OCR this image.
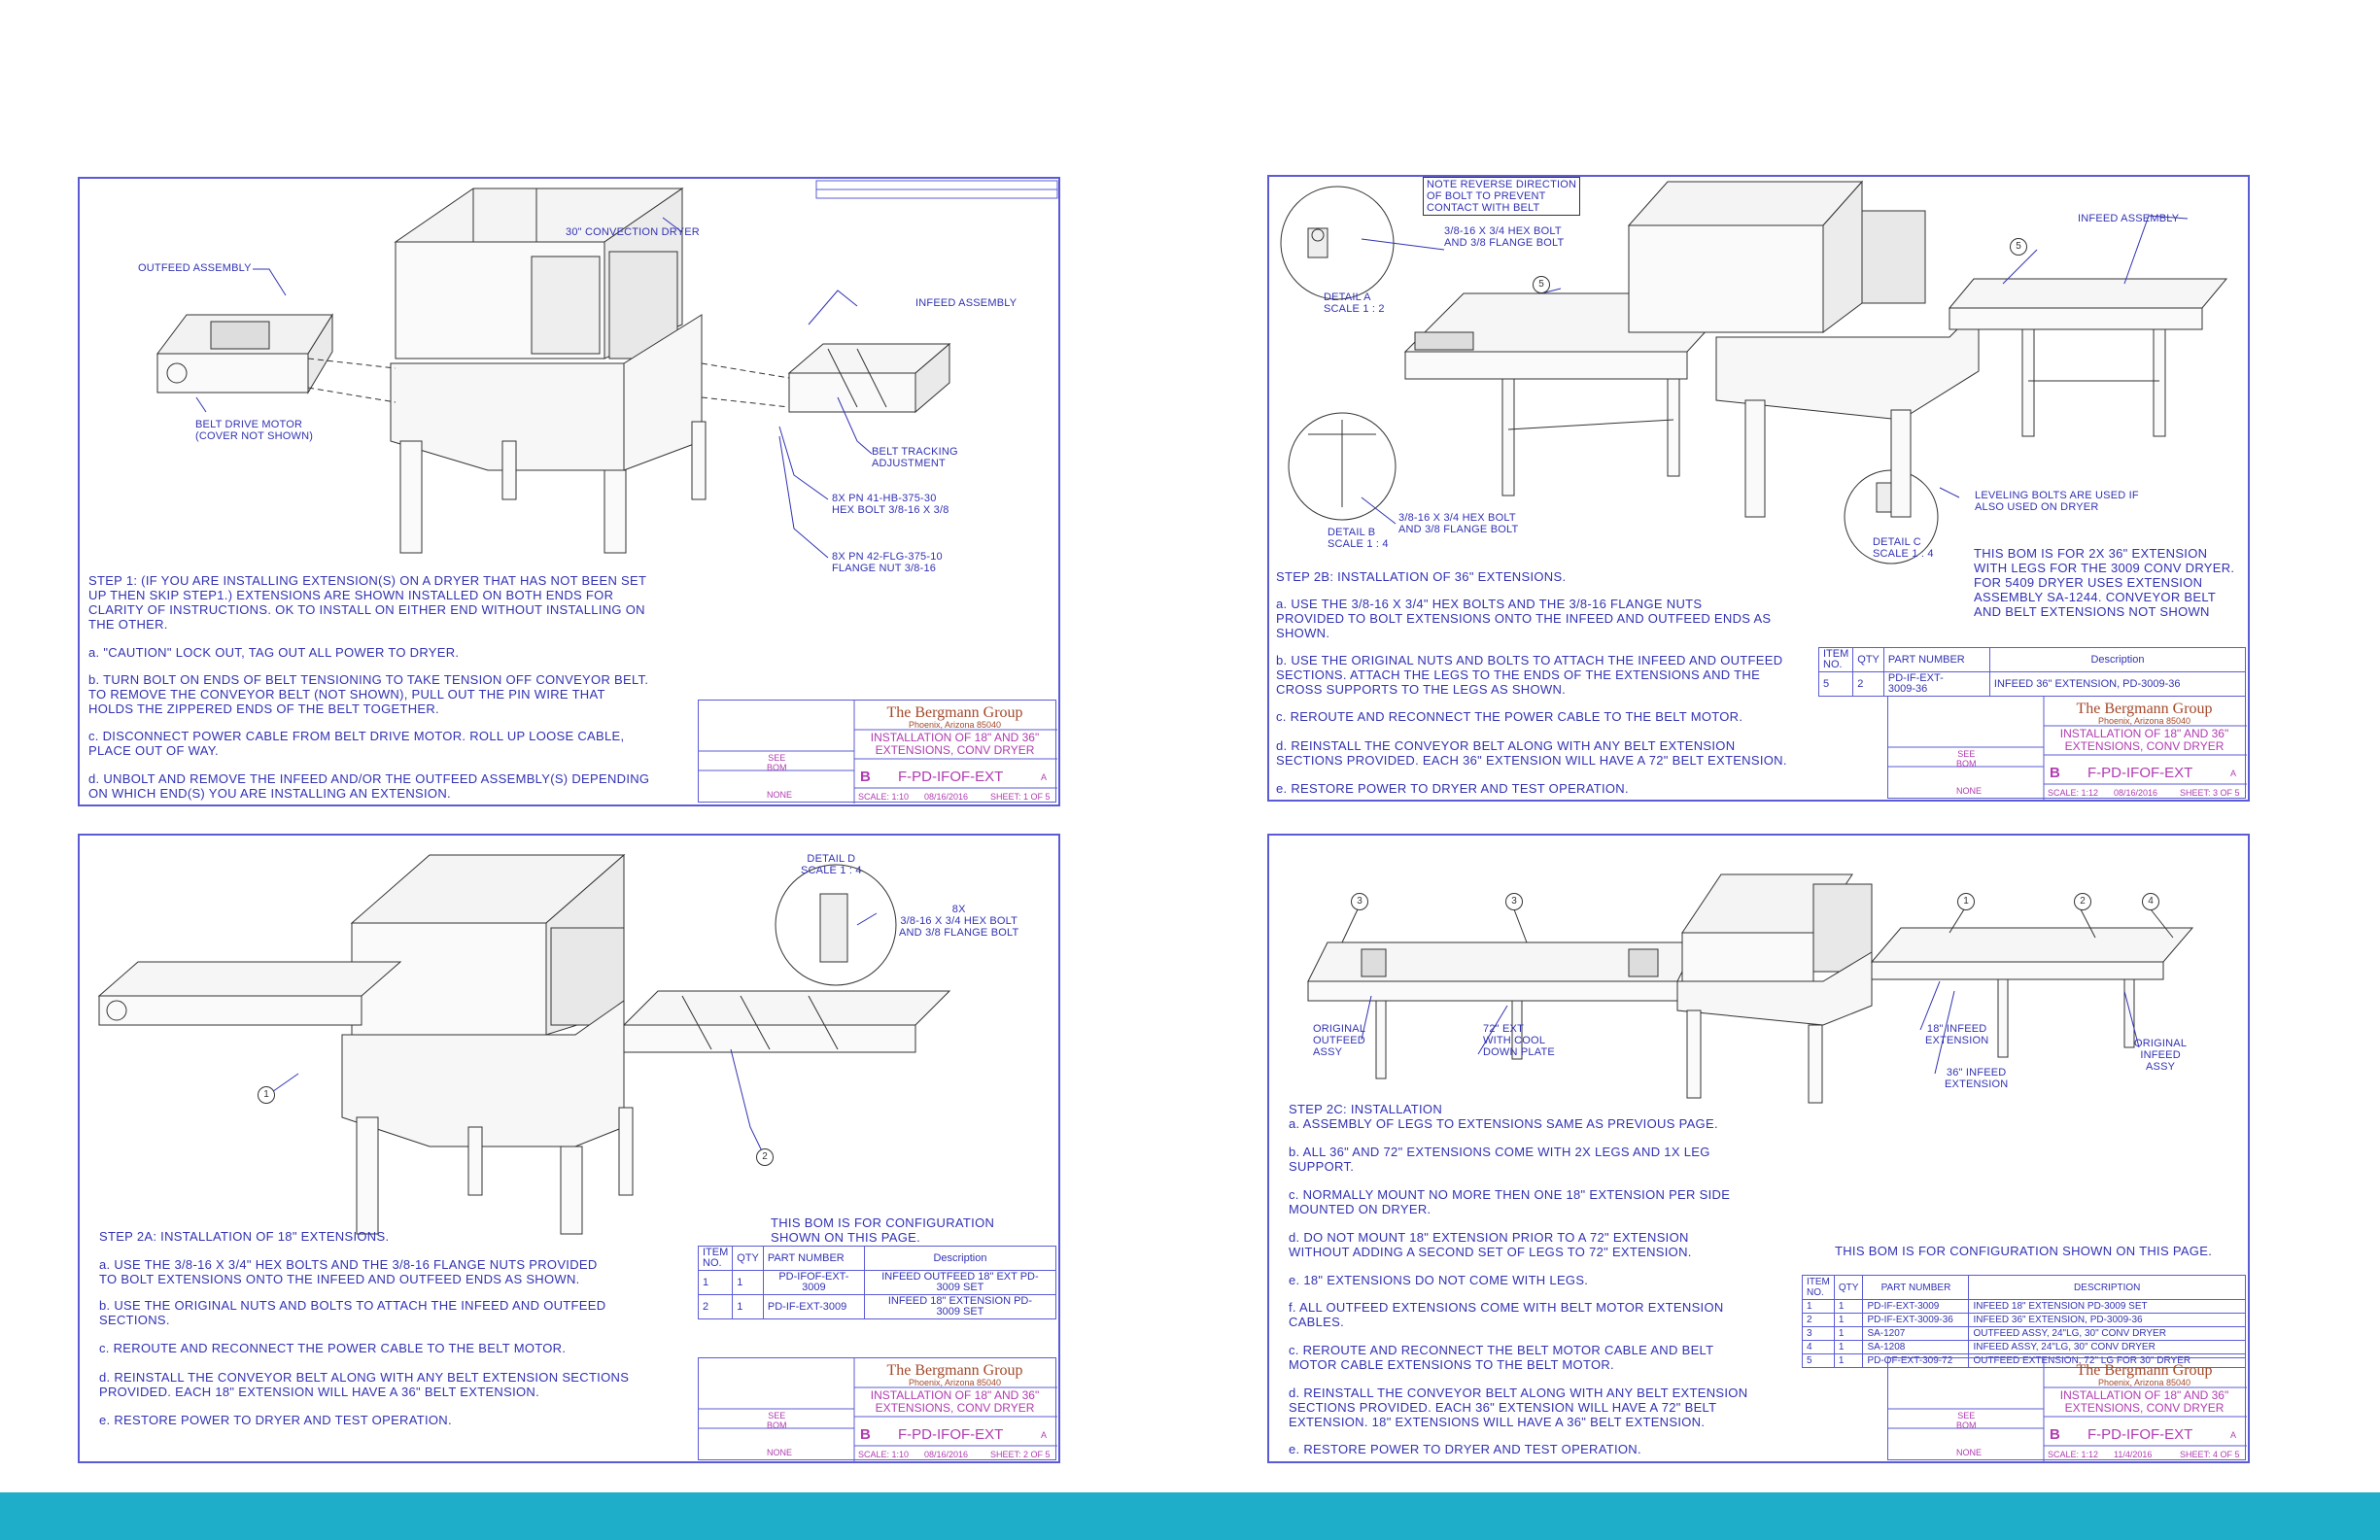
OUTFEED ASSEMBLY
30" CONVECTION DRYER
INFEED ASSEMBLY
BELT DRIVE MOTOR
(COVER NOT SHOWN)
BELT TRACKING
ADJUSTMENT
8X PN 41-HB-375-30
HEX BOLT 3/8-16 X 3/8
8X PN 42-FLG-375-10
FLANGE NUT 3/8-16
STEP 1: (IF YOU ARE INSTALLING EXTENSION(S) ON A DRYER THAT HAS NOT BEEN SET
UP THEN SKIP STEP1.) EXTENSIONS ARE SHOWN INSTALLED ON BOTH ENDS FOR
CLARITY OF INSTRUCTIONS. OK TO INSTALL ON EITHER END WITHOUT INSTALLING ON
THE OTHER.
a. "CAUTION" LOCK OUT, TAG OUT ALL POWER TO DRYER.
b. TURN BOLT ON ENDS OF BELT TENSIONING TO TAKE TENSION OFF CONVEYOR BELT.
TO REMOVE THE CONVEYOR BELT (NOT SHOWN), PULL OUT THE PIN WIRE THAT
HOLDS THE ZIPPERED ENDS OF THE BELT TOGETHER.
c. DISCONNECT POWER CABLE FROM BELT DRIVE MOTOR. ROLL UP LOOSE CABLE,
PLACE OUT OF WAY.
d. UNBOLT AND REMOVE THE INFEED AND/OR THE OUTFEED ASSEMBLY(S) DEPENDING
ON WHICH END(S) YOU ARE INSTALLING AN EXTENSION.
The Bergmann Group
Phoenix, Arizona 85040
INSTALLATION OF 18" AND 36"
EXTENSIONS, CONV DRYER
B F-PD-IFOF-EXT	A
SCALE: 1:10 08/16/2016	SHEET: 1 OF 5
SEE
BOM
NONE
5
5
NOTE REVERSE DIRECTION
OF BOLT TO PREVENT
CONTACT WITH BELT
3/8-16 X 3/4 HEX BOLT
AND 3/8 FLANGE BOLT
DETAIL A
SCALE 1 : 2
INFEED ASSEMBLY
3/8-16 X 3/4 HEX BOLT
AND 3/8 FLANGE BOLT
DETAIL B
SCALE 1 : 4
LEVELING BOLTS ARE USED IF
ALSO USED ON DRYER
DETAIL C
SCALE 1 : 4	THIS BOM IS FOR 2X 36" EXTENSION
WITH LEGS FOR THE 3009 CONV DRYER.
FOR 5409 DRYER USES EXTENSION
ASSEMBLY SA-1244. CONVEYOR BELT
AND BELT EXTENSIONS NOT SHOWN
STEP 2B: INSTALLATION OF 36" EXTENSIONS.
a. USE THE 3/8-16 X 3/4" HEX BOLTS AND THE 3/8-16 FLANGE NUTS
PROVIDED TO BOLT EXTENSIONS ONTO THE INFEED AND OUTFEED ENDS AS
SHOWN.
b. USE THE ORIGINAL NUTS AND BOLTS TO ATTACH THE INFEED AND OUTFEED
SECTIONS. ATTACH THE LEGS TO THE ENDS OF THE EXTENSIONS AND THE
CROSS SUPPORTS TO THE LEGS AS SHOWN.
c. REROUTE AND RECONNECT THE POWER CABLE TO THE BELT MOTOR.
d. REINSTALL THE CONVEYOR BELT ALONG WITH ANY BELT EXTENSION
SECTIONS PROVIDED. EACH 36" EXTENSION WILL HAVE A 72" BELT EXTENSION.
e. RESTORE POWER TO DRYER AND TEST OPERATION.
ITEM
NO.	QTY	PART NUMBER	Description
5	2	PD-IF-EXT-
3009-36	INFEED 36" EXTENSION, PD-3009-36
The Bergmann Group
Phoenix, Arizona 85040
INSTALLATION OF 18" AND 36"
EXTENSIONS, CONV DRYER
B F-PD-IFOF-EXT	A
SCALE: 1:12 08/16/2016	SHEET: 3 OF 5
SEE
BOM
NONE
1
2
DETAIL D
SCALE 1 : 4
8X
3/8-16 X 3/4 HEX BOLT
AND 3/8 FLANGE BOLT
THIS BOM IS FOR CONFIGURATION
SHOWN ON THIS PAGE.
STEP 2A: INSTALLATION OF 18" EXTENSIONS.
a. USE THE 3/8-16 X 3/4" HEX BOLTS AND THE 3/8-16 FLANGE NUTS PROVIDED
TO BOLT EXTENSIONS ONTO THE INFEED AND OUTFEED ENDS AS SHOWN.
b. USE THE ORIGINAL NUTS AND BOLTS TO ATTACH THE INFEED AND OUTFEED
SECTIONS.
c. REROUTE AND RECONNECT THE POWER CABLE TO THE BELT MOTOR.
d. REINSTALL THE CONVEYOR BELT ALONG WITH ANY BELT EXTENSION SECTIONS
PROVIDED. EACH 18" EXTENSION WILL HAVE A 36" BELT EXTENSION.
e. RESTORE POWER TO DRYER AND TEST OPERATION.
ITEM
NO.	QTY	PART NUMBER	Description
1	1	PD-IFOF-EXT-
3009	INFEED OUTFEED 18" EXT PD-
3009 SET
2	1	PD-IF-EXT-3009	INFEED 18" EXTENSION PD-
3009 SET
The Bergmann Group
Phoenix, Arizona 85040
INSTALLATION OF 18" AND 36"
EXTENSIONS, CONV DRYER
B F-PD-IFOF-EXT	A
SCALE: 1:10 08/16/2016	SHEET: 2 OF 5
SEE
BOM
NONE
3	3	1	2	4
ORIGINAL
OUTFEED
ASSY
72" EXT
WITH COOL
DOWN PLATE
18" INFEED
EXTENSION
36" INFEED
EXTENSION
ORIGINAL
INFEED
ASSY
STEP 2C: INSTALLATION
a. ASSEMBLY OF LEGS TO EXTENSIONS SAME AS PREVIOUS PAGE.
b. ALL 36" AND 72" EXTENSIONS COME WITH 2X LEGS AND 1X LEG
SUPPORT.
c. NORMALLY MOUNT NO MORE THEN ONE 18" EXTENSION PER SIDE
MOUNTED ON DRYER.
d. DO NOT MOUNT 18" EXTENSION PRIOR TO A 72" EXTENSION
WITHOUT ADDING A SECOND SET OF LEGS TO 72" EXTENSION.
e. 18" EXTENSIONS DO NOT COME WITH LEGS.
f. ALL OUTFEED EXTENSIONS COME WITH BELT MOTOR EXTENSION
CABLES.
c. REROUTE AND RECONNECT THE BELT MOTOR CABLE AND BELT
MOTOR CABLE EXTENSIONS TO THE BELT MOTOR.
d. REINSTALL THE CONVEYOR BELT ALONG WITH ANY BELT EXTENSION
SECTIONS PROVIDED. EACH 36" EXTENSION WILL HAVE A 72" BELT
EXTENSION. 18" EXTENSIONS WILL HAVE A 36" BELT EXTENSION.
e. RESTORE POWER TO DRYER AND TEST OPERATION.
THIS BOM IS FOR CONFIGURATION SHOWN ON THIS PAGE.
ITEM
NO.	QTY	PART NUMBER	DESCRIPTION
1	1	PD-IF-EXT-3009	INFEED 18" EXTENSION PD-3009 SET
2	1	PD-IF-EXT-3009-36	INFEED 36" EXTENSION, PD-3009-36
3	1	SA-1207	OUTFEED ASSY, 24"LG, 30" CONV DRYER
4	1	SA-1208	INFEED ASSY, 24"LG, 30" CONV DRYER
5	1	PD-OF-EXT-309-72	OUTFEED EXTENSION, 72" LG FOR 30" DRYER
The Bergmann Group
Phoenix, Arizona 85040
INSTALLATION OF 18" AND 36"
EXTENSIONS, CONV DRYER
B F-PD-IFOF-EXT	A
SCALE: 1:12 11/4/2016	SHEET: 4 OF 5
SEE
BOM
NONE
